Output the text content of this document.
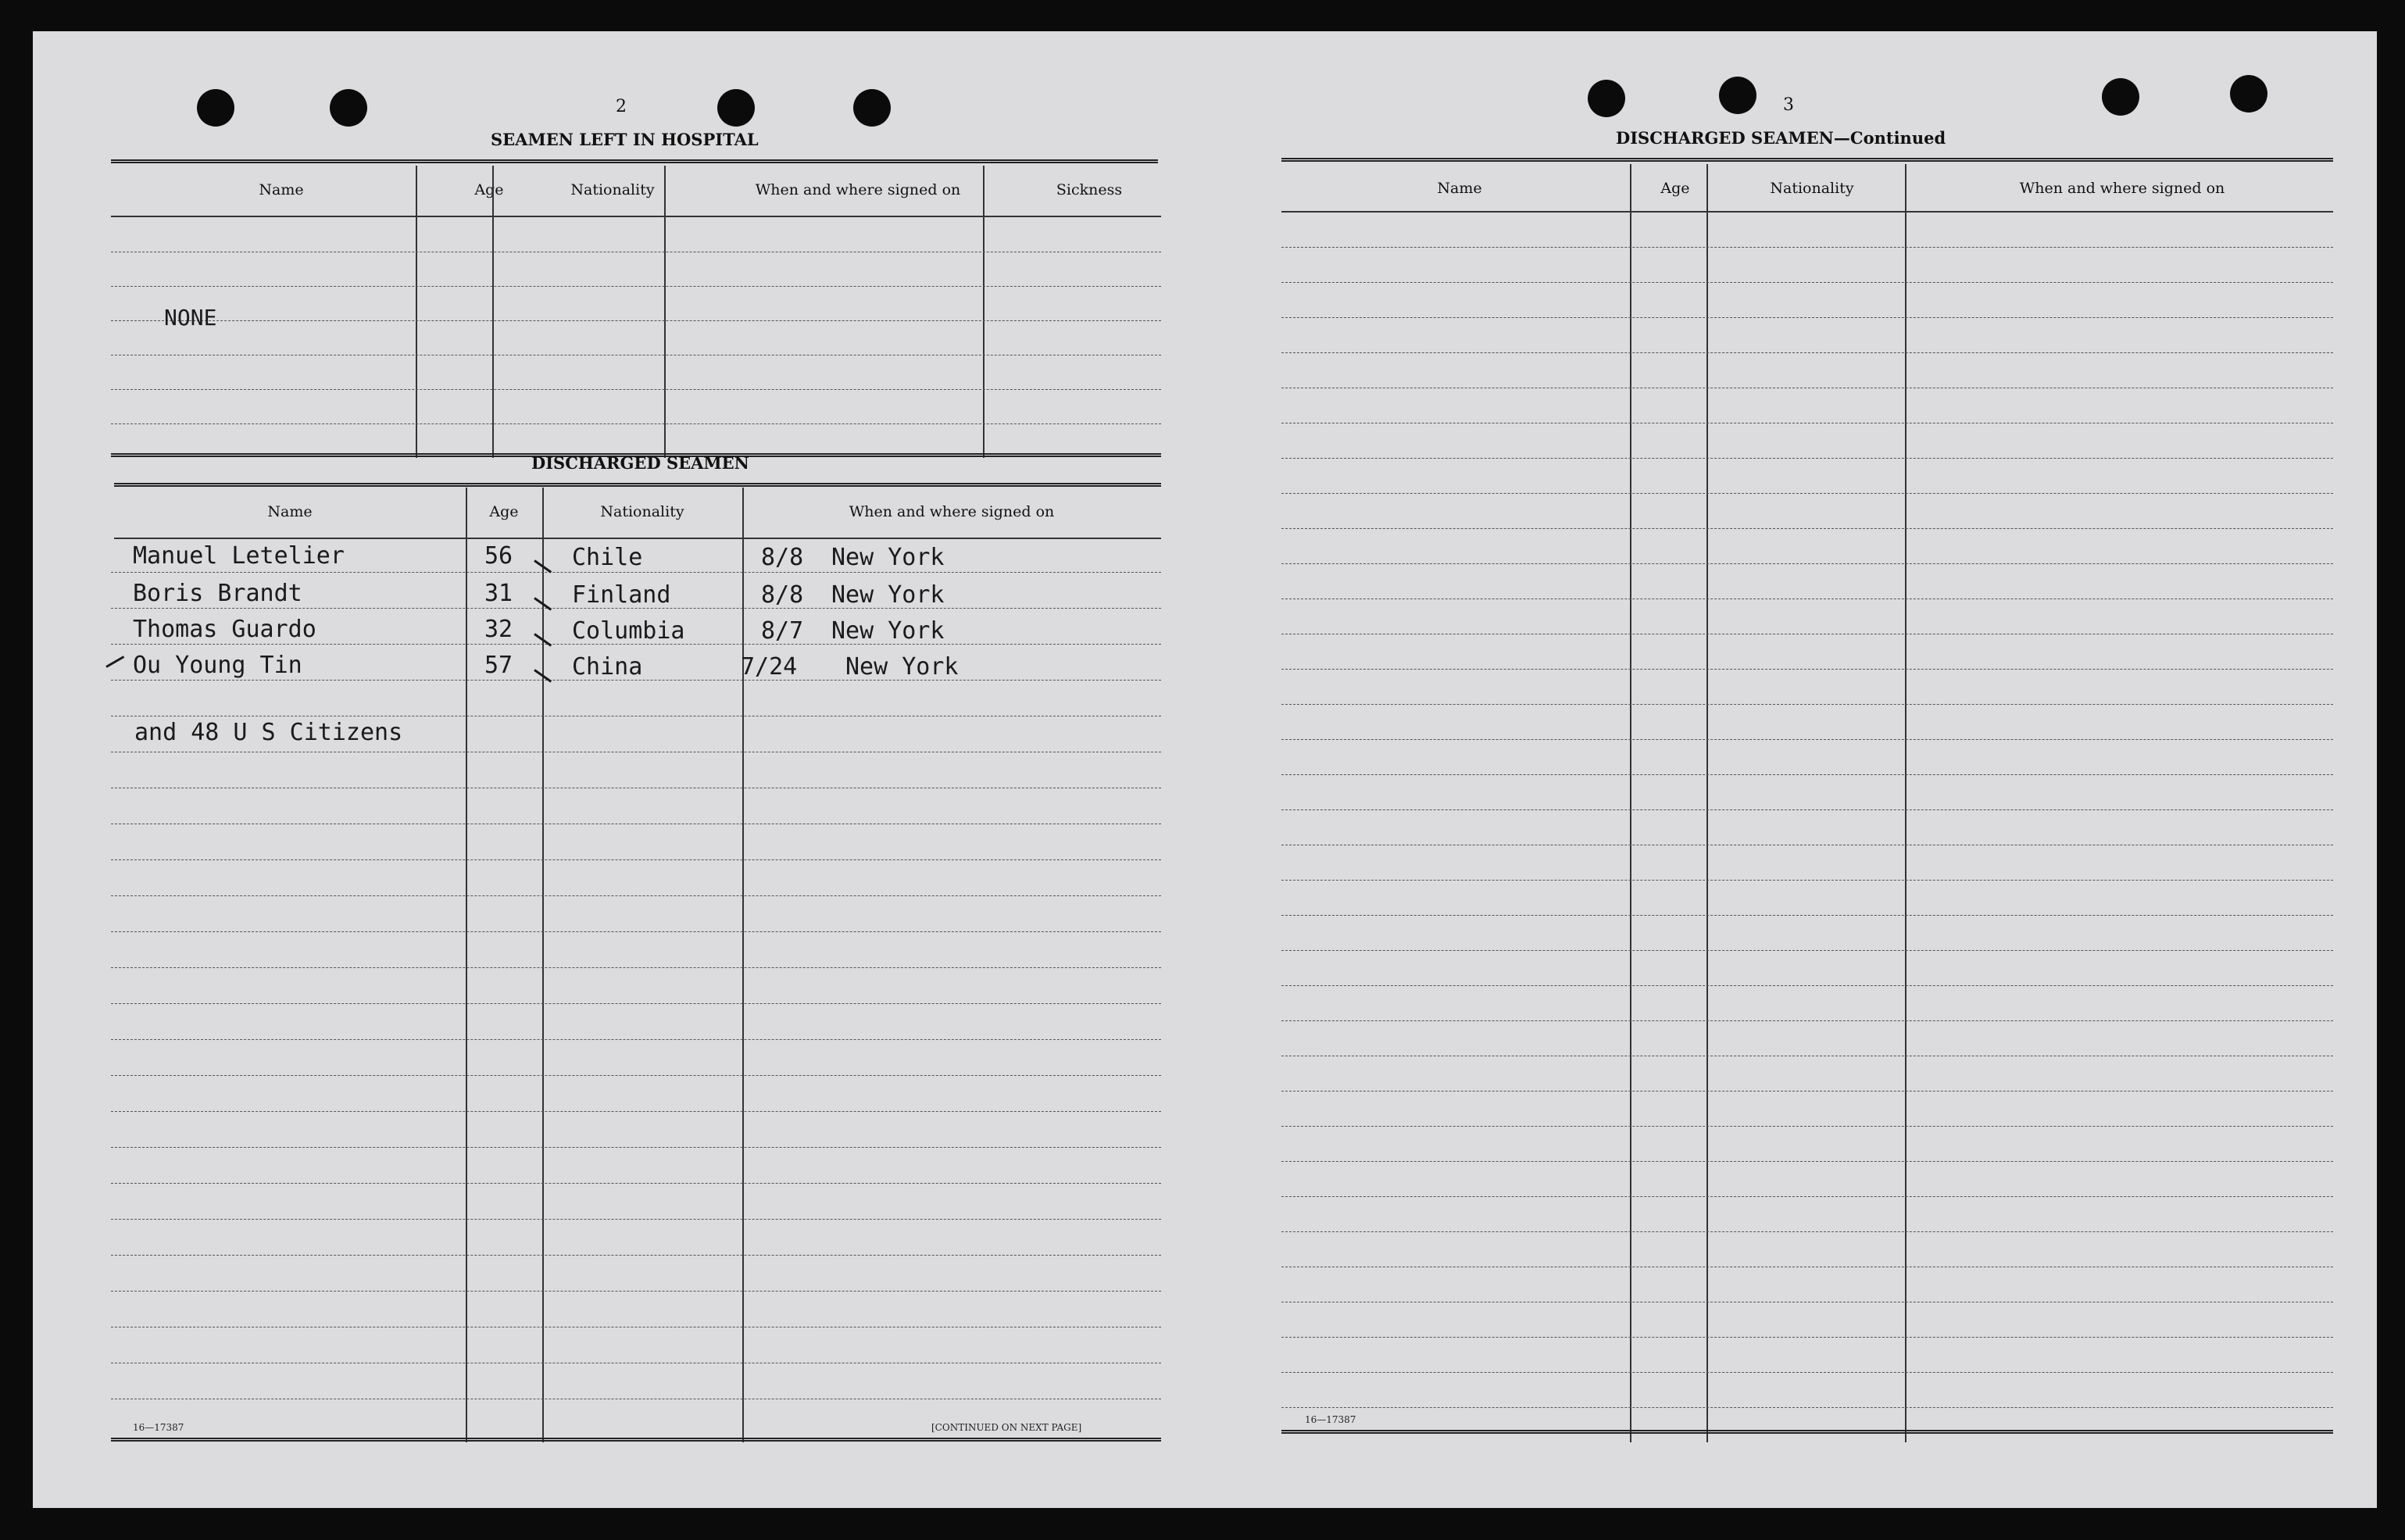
2
SEAMEN LEFT IN HOSPITAL
Name	Age	Nationality	When and where signed on	Sickness
NONE
DISCHARGED SEAMEN
Name	Age	Nationality	When and where signed on
Manuel Letelier	56	Chile	8/8 New York
Boris Brandt	31	Finland	8/8 New York
Thomas Guardo	32	Columbia	8/7 New York
Ou Young Tin	57	China	7/24 New York
and 48 U S Citizens
16—17387	[CONTINUED ON NEXT PAGE]
3
DISCHARGED SEAMEN—Continued
Name	Age	Nationality	When and where signed on
16—17387
